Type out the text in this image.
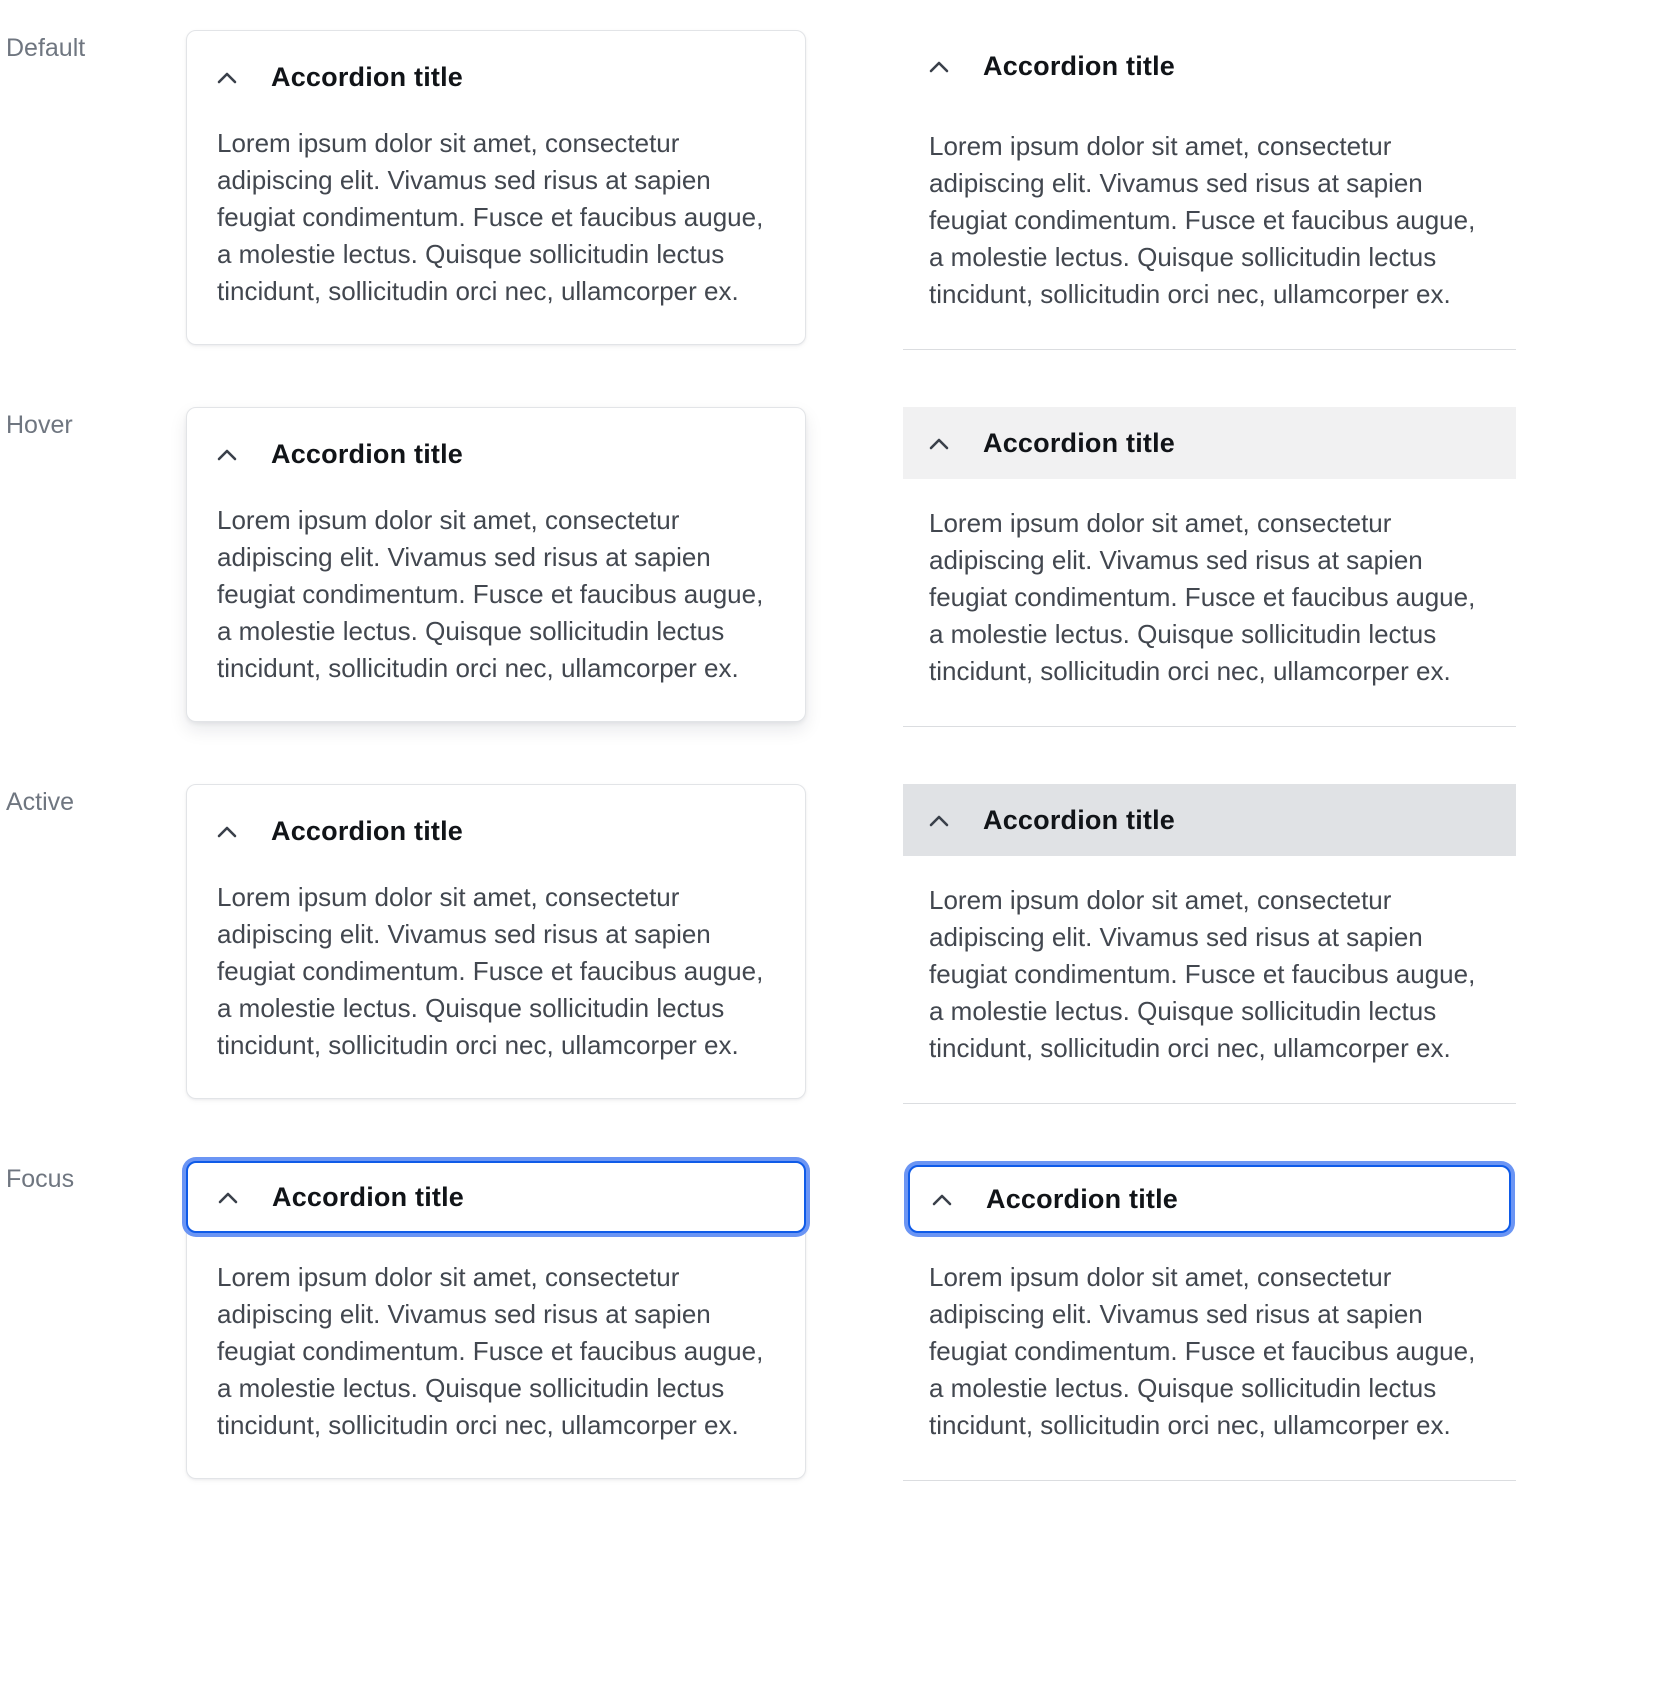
Default
Accordion title
Lorem ipsum dolor sit amet, consectetur adipiscing elit. Vivamus sed risus at sapien feugiat condimentum. Fusce et faucibus augue, a molestie lectus. Quisque sollicitudin lectus tincidunt, sollicitudin orci nec, ullamcorper ex.
Accordion title
Lorem ipsum dolor sit amet, consectetur adipiscing elit. Vivamus sed risus at sapien feugiat condimentum. Fusce et faucibus augue, a molestie lectus. Quisque sollicitudin lectus tincidunt, sollicitudin orci nec, ullamcorper ex.
Hover
Accordion title
Lorem ipsum dolor sit amet, consectetur adipiscing elit. Vivamus sed risus at sapien feugiat condimentum. Fusce et faucibus augue, a molestie lectus. Quisque sollicitudin lectus tincidunt, sollicitudin orci nec, ullamcorper ex.
Accordion title
Lorem ipsum dolor sit amet, consectetur adipiscing elit. Vivamus sed risus at sapien feugiat condimentum. Fusce et faucibus augue, a molestie lectus. Quisque sollicitudin lectus tincidunt, sollicitudin orci nec, ullamcorper ex.
Active
Accordion title
Lorem ipsum dolor sit amet, consectetur adipiscing elit. Vivamus sed risus at sapien feugiat condimentum. Fusce et faucibus augue, a molestie lectus. Quisque sollicitudin lectus tincidunt, sollicitudin orci nec, ullamcorper ex.
Accordion title
Lorem ipsum dolor sit amet, consectetur adipiscing elit. Vivamus sed risus at sapien feugiat condimentum. Fusce et faucibus augue, a molestie lectus. Quisque sollicitudin lectus tincidunt, sollicitudin orci nec, ullamcorper ex.
Focus
Accordion title
Lorem ipsum dolor sit amet, consectetur adipiscing elit. Vivamus sed risus at sapien feugiat condimentum. Fusce et faucibus augue, a molestie lectus. Quisque sollicitudin lectus tincidunt, sollicitudin orci nec, ullamcorper ex.
Accordion title
Lorem ipsum dolor sit amet, consectetur adipiscing elit. Vivamus sed risus at sapien feugiat condimentum. Fusce et faucibus augue, a molestie lectus. Quisque sollicitudin lectus tincidunt, sollicitudin orci nec, ullamcorper ex.
